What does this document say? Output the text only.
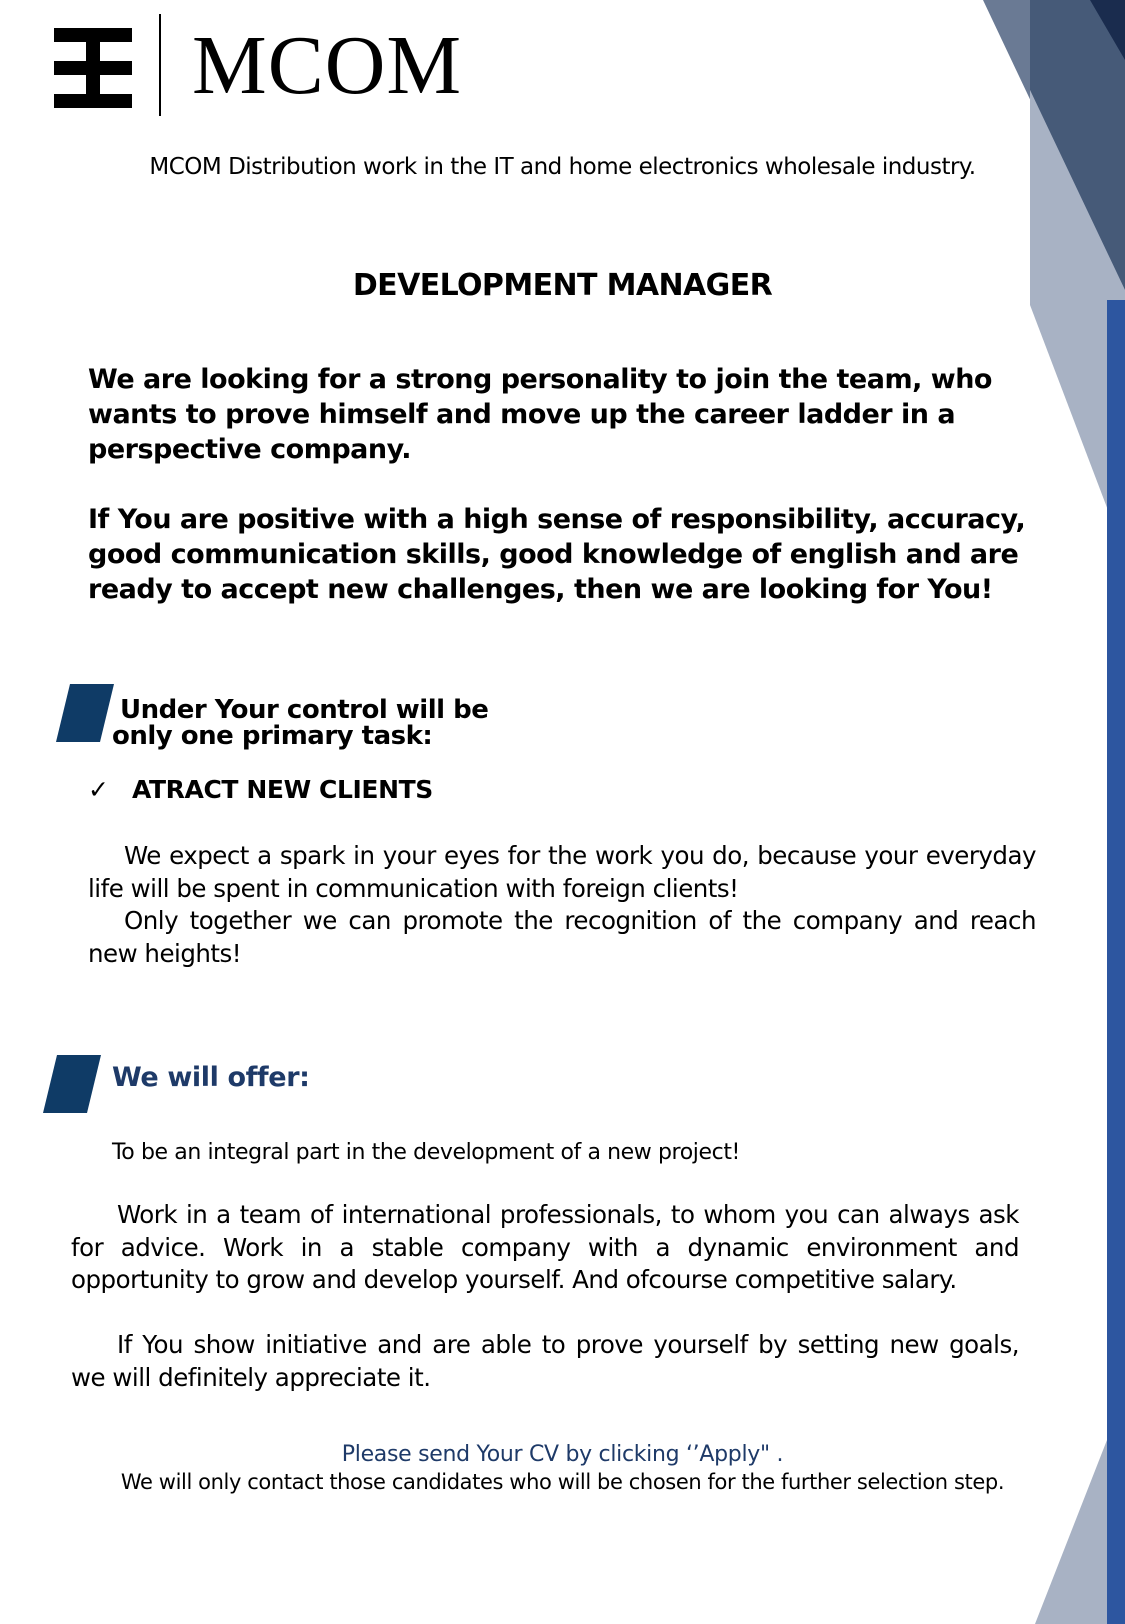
MCOM
MCOM Distribution work in the IT and home electronics wholesale industry.
DEVELOPMENT MANAGER

We are looking for a strong personality to join the team, who wants to prove himself and move up the career ladder in a perspective company.

If You are positive with a high sense of responsibility, accuracy, good communication skills, good knowledge of english and are ready to accept new challenges, then we are looking for You!

Under Your control will be
only one primary task:
✓ ATRACT NEW CLIENTS

We expect a spark in your eyes for the work you do, because your everyday life will be spent in communication with foreign clients!

Only together we can promote the recognition of the company and reach new heights!

We will offer:
To be an integral part in the development of a new project!

Work in a team of international professionals, to whom you can always ask for advice. Work in a stable company with a dynamic environment and opportunity to grow and develop yourself. And ofcourse competitive salary.

If You show initiative and are able to prove yourself by setting new goals, we will definitely appreciate it.

Please send Your CV by clicking ‘’Apply" .
We will only contact those candidates who will be chosen for the further selection step.
